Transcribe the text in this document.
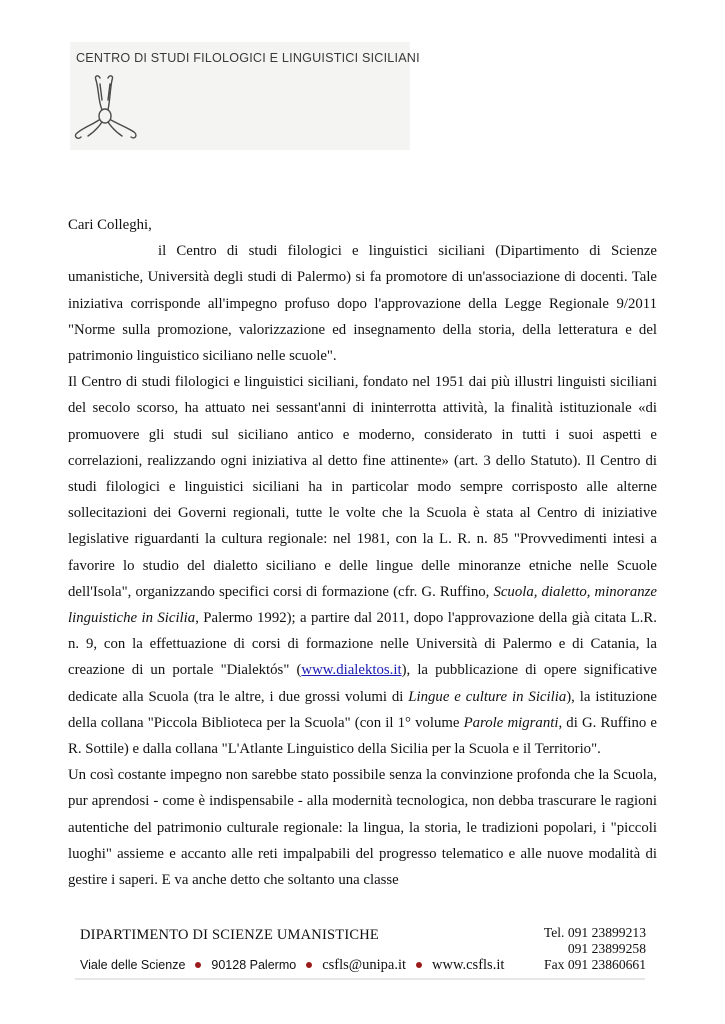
CENTRO DI STUDI FILOLOGICI E LINGUISTICI SICILIANI

Cari Colleghi,

il Centro di studi filologici e linguistici siciliani (Dipartimento di Scienze umanistiche, Università degli studi di Palermo) si fa promotore di un'associazione di docenti. Tale iniziativa corrisponde all'impegno profuso dopo l'approvazione della Legge Regionale 9/2011 "Norme sulla promozione, valorizzazione ed insegnamento della storia, della letteratura e del patrimonio linguistico siciliano nelle scuole".

Il Centro di studi filologici e linguistici siciliani, fondato nel 1951 dai più illustri linguisti siciliani del secolo scorso, ha attuato nei sessant'anni di ininterrotta attività, la finalità istituzionale «di promuovere gli studi sul siciliano antico e moderno, considerato in tutti i suoi aspetti e correlazioni, realizzando ogni iniziativa al detto fine attinente» (art. 3 dello Statuto). Il Centro di studi filologici e linguistici siciliani ha in particolar modo sempre corrisposto alle alterne sollecitazioni dei Governi regionali, tutte le volte che la Scuola è stata al Centro di iniziative legislative riguardanti la cultura regionale: nel 1981, con la L. R. n. 85 "Provvedimenti intesi a favorire lo studio del dialetto siciliano e delle lingue delle minoranze etniche nelle Scuole dell'Isola", organizzando specifici corsi di formazione (cfr. G. Ruffino, Scuola, dialetto, minoranze linguistiche in Sicilia, Palermo 1992); a partire dal 2011, dopo l'approvazione della già citata L.R. n. 9, con la effettuazione di corsi di formazione nelle Università di Palermo e di Catania, la creazione di un portale "Dialektós" (www.dialektos.it), la pubblicazione di opere significative dedicate alla Scuola (tra le altre, i due grossi volumi di Lingue e culture in Sicilia), la istituzione della collana "Piccola Biblioteca per la Scuola" (con il 1° volume Parole migranti, di G. Ruffino e R. Sottile) e dalla collana "L'Atlante Linguistico della Sicilia per la Scuola e il Territorio".

Un così costante impegno non sarebbe stato possibile senza la convinzione profonda che la Scuola, pur aprendosi - come è indispensabile - alla modernità tecnologica, non debba trascurare le ragioni autentiche del patrimonio culturale regionale: la lingua, la storia, le tradizioni popolari, i "piccoli luoghi" assieme e accanto alle reti impalpabili del progresso telematico e alle nuove modalità di gestire i saperi. E va anche detto che soltanto una classe

DIPARTIMENTO DI SCIENZE UMANISTICHE
Viale delle Scienze 90128 Palermo csfls@unipa.it www.csfls.it
Tel. 091 23899213
091 23899258
Fax 091 23860661
